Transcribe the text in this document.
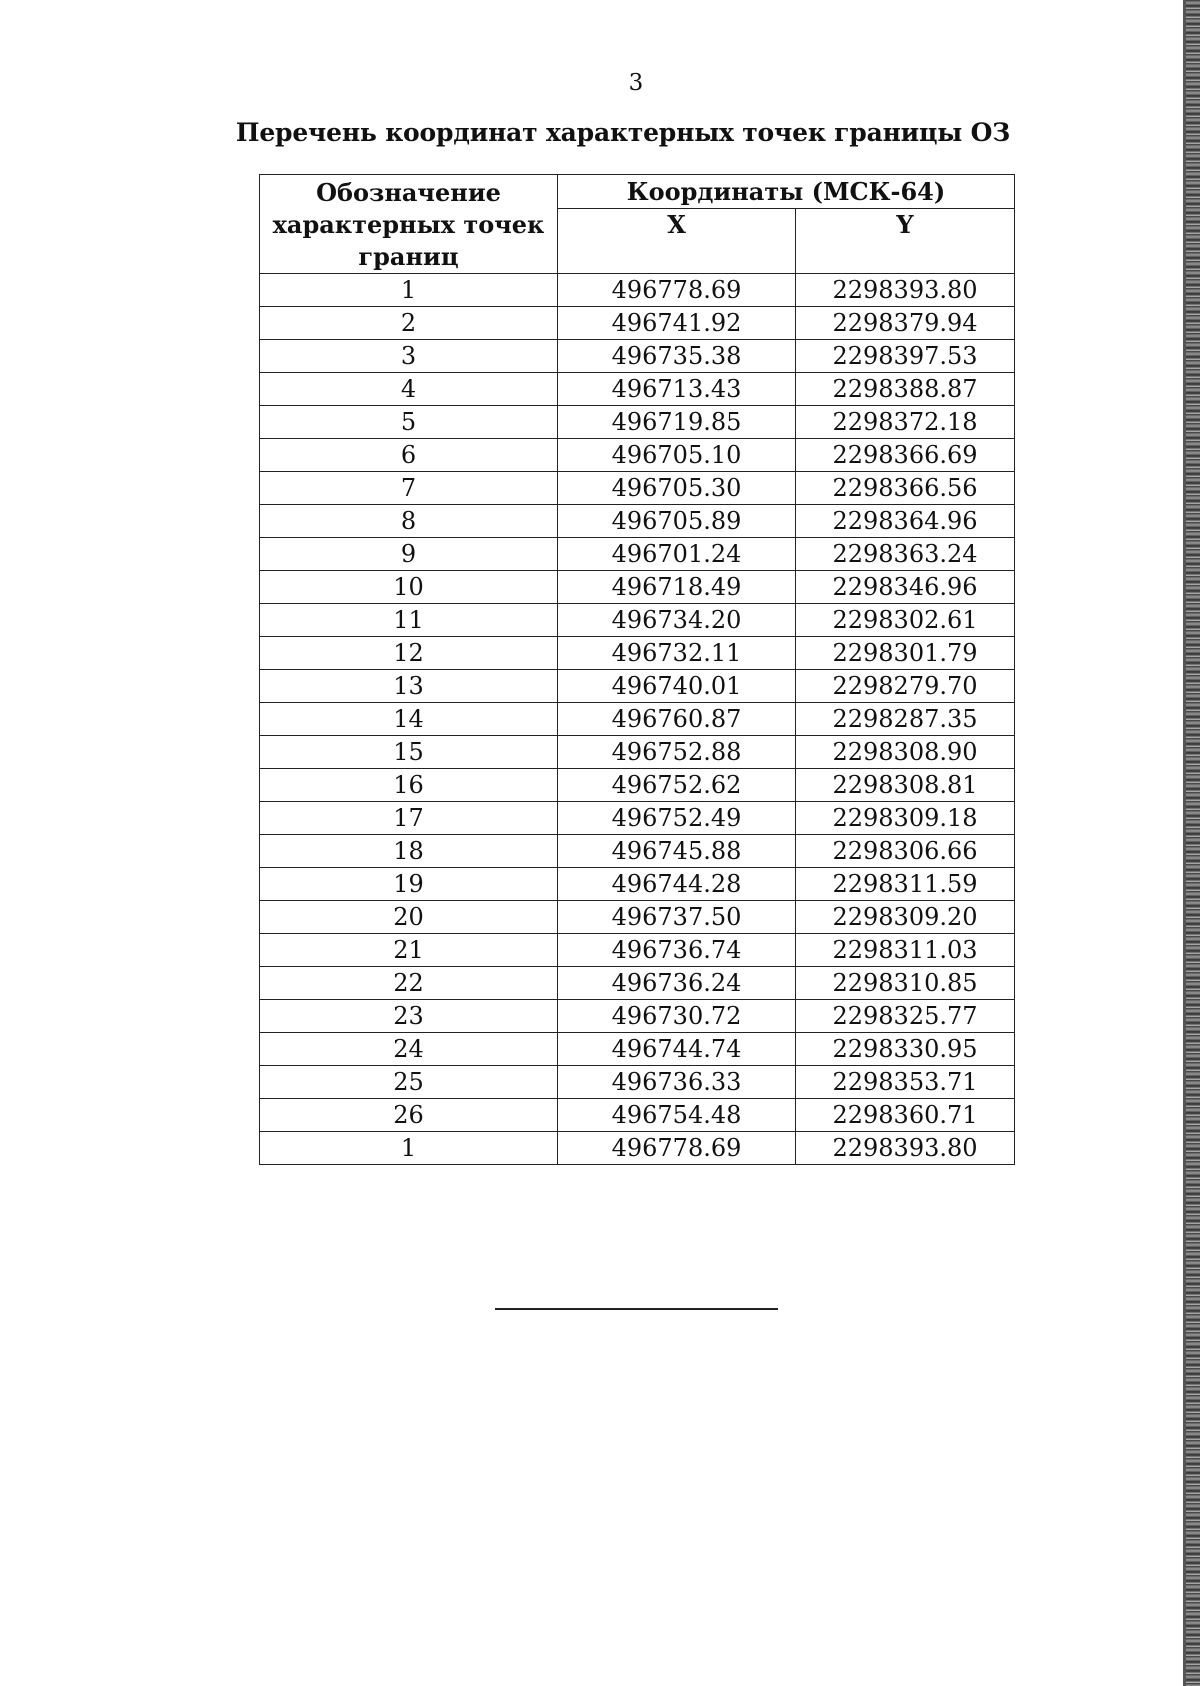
3
Перечень координат характерных точек границы ОЗ
Обозначение характерных точек границ	Координаты (МСК-64)	
	X	Y
1	496778.69	2298393.80
2	496741.92	2298379.94
3	496735.38	2298397.53
4	496713.43	2298388.87
5	496719.85	2298372.18
6	496705.10	2298366.69
7	496705.30	2298366.56
8	496705.89	2298364.96
9	496701.24	2298363.24
10	496718.49	2298346.96
11	496734.20	2298302.61
12	496732.11	2298301.79
13	496740.01	2298279.70
14	496760.87	2298287.35
15	496752.88	2298308.90
16	496752.62	2298308.81
17	496752.49	2298309.18
18	496745.88	2298306.66
19	496744.28	2298311.59
20	496737.50	2298309.20
21	496736.74	2298311.03
22	496736.24	2298310.85
23	496730.72	2298325.77
24	496744.74	2298330.95
25	496736.33	2298353.71
26	496754.48	2298360.71
1	496778.69	2298393.80
